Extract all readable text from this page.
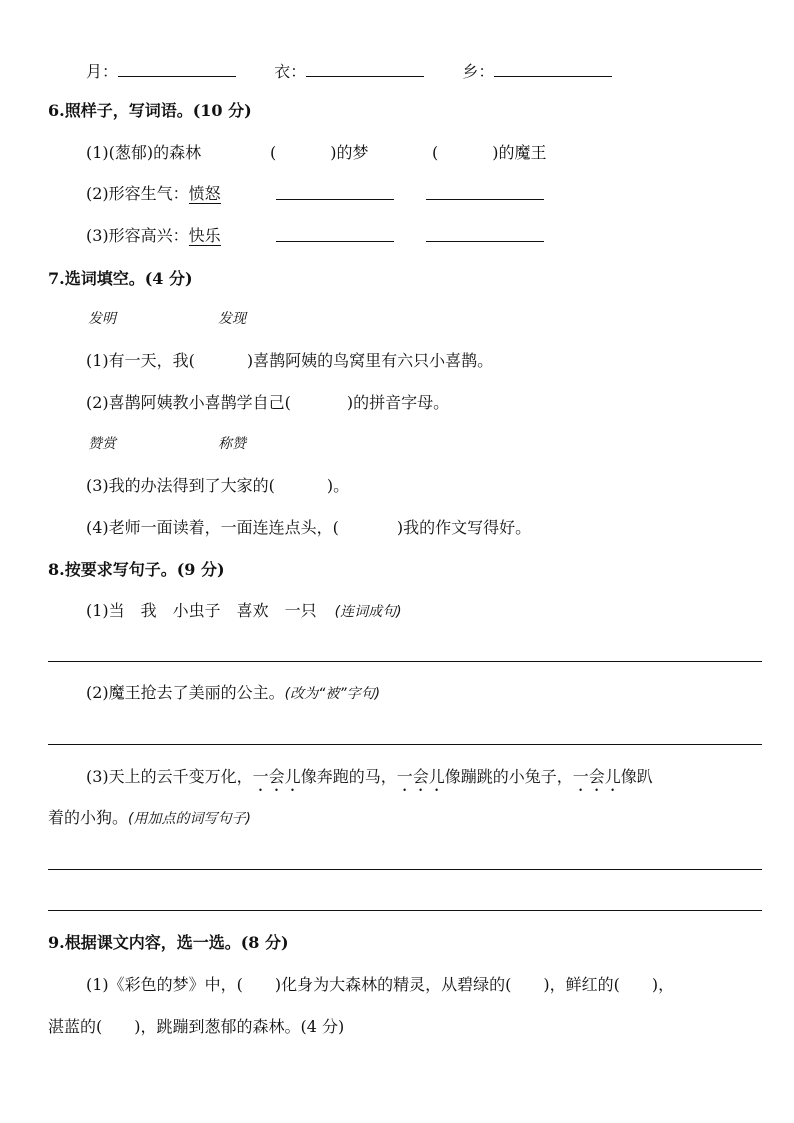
月：	衣：	乡：
6.照样子，写词语。(10 分)
(1)(葱郁)的森林	(	)的梦	(	)的魔王
(2)形容生气：愤怒
(3)形容高兴：快乐
7.选词填空。(4 分)
发明	发现
(1)有一天，我(	)喜鹊阿姨的鸟窝里有六只小喜鹊。
(2)喜鹊阿姨教小喜鹊学自己(	)的拼音字母。
赞赏	称赞
(3)我的办法得到了大家的(	)。
(4)老师一面读着，一面连连点头，(	)我的作文写得好。
8.按要求写句子。(9 分)
(1)当　我　小虫子　喜欢　一只 (连词成句)
(2)魔王抢去了美丽的公主。(改为“被”字句)
(3)天上的云千变万化，一会儿像奔跑的马，一会儿像蹦跳的小兔子，一会儿像趴
着的小狗。(用加点的词写句子)
9.根据课文内容，选一选。(8 分)
(1)《彩色的梦》中，(　　)化身为大森林的精灵，从碧绿的(　　)，鲜红的(　　)，
湛蓝的(　　)，跳蹦到葱郁的森林。(4 分)
